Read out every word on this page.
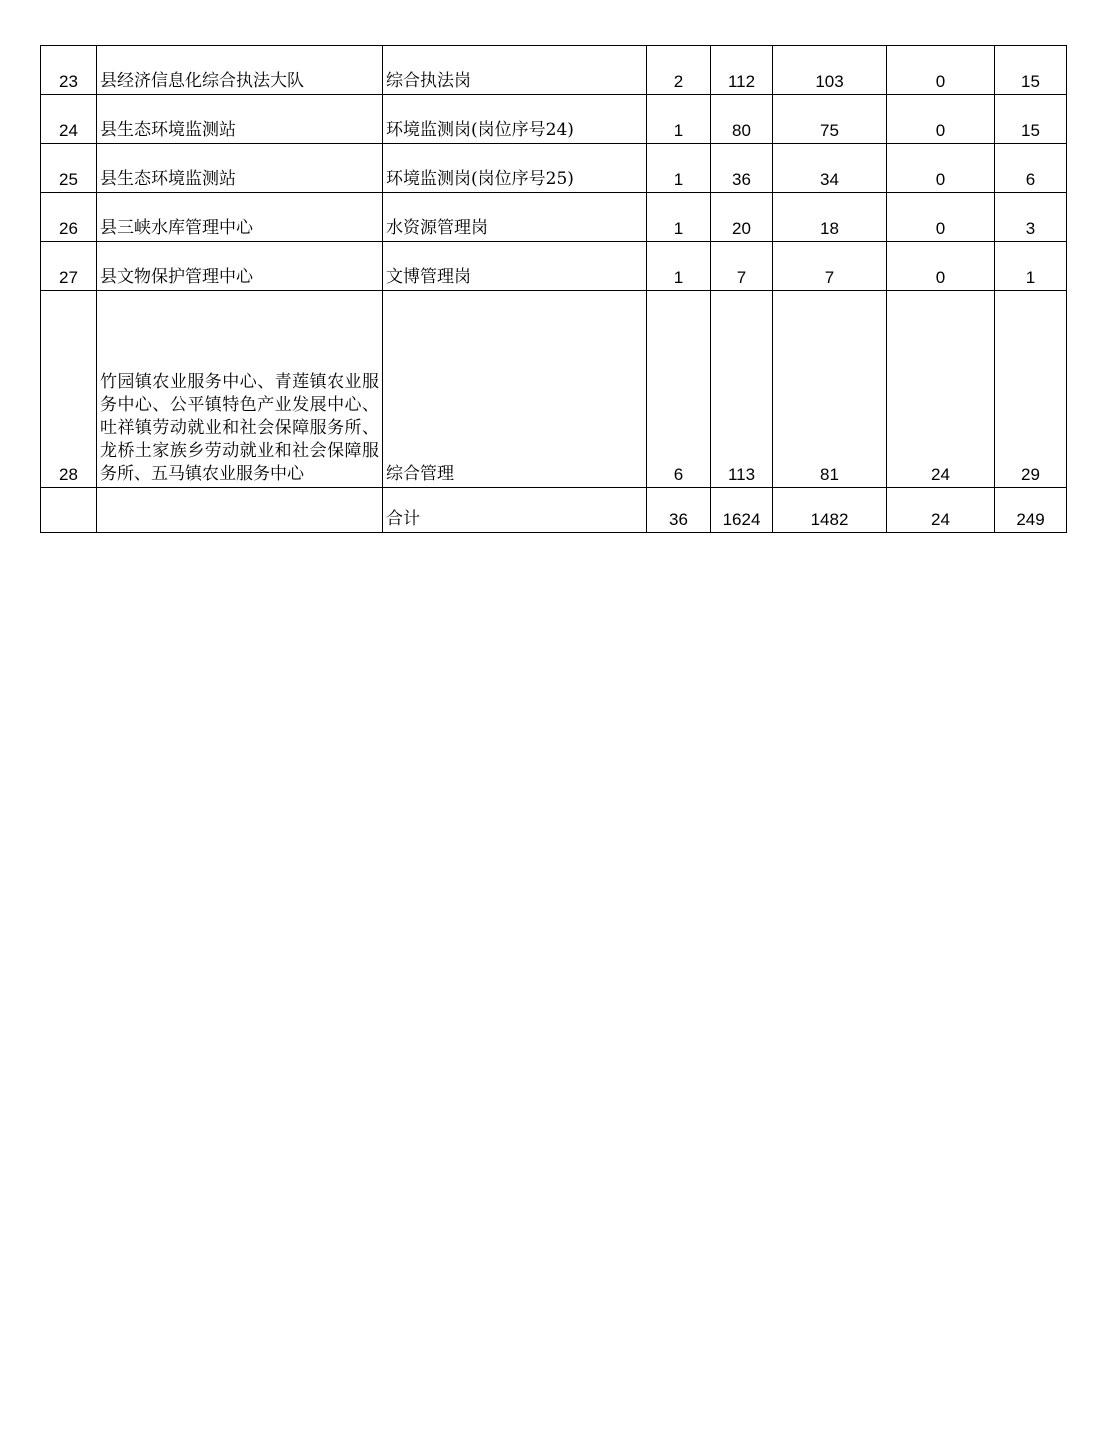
23	县经济信息化综合执法大队	综合执法岗	2	112	103	0	15
24	县生态环境监测站	环境监测岗(岗位序号24)	1	80	75	0	15
25	县生态环境监测站	环境监测岗(岗位序号25)	1	36	34	0	6
26	县三峡水库管理中心	水资源管理岗	1	20	18	0	3
27	县文物保护管理中心	文博管理岗	1	7	7	0	1
28	竹园镇农业服务中心、青莲镇农业服务中心、公平镇特色产业发展中心、吐祥镇劳动就业和社会保障服务所、龙桥土家族乡劳动就业和社会保障服务所、五马镇农业服务中心	综合管理	6	113	81	24	29
		合计	36	1624	1482	24	249
